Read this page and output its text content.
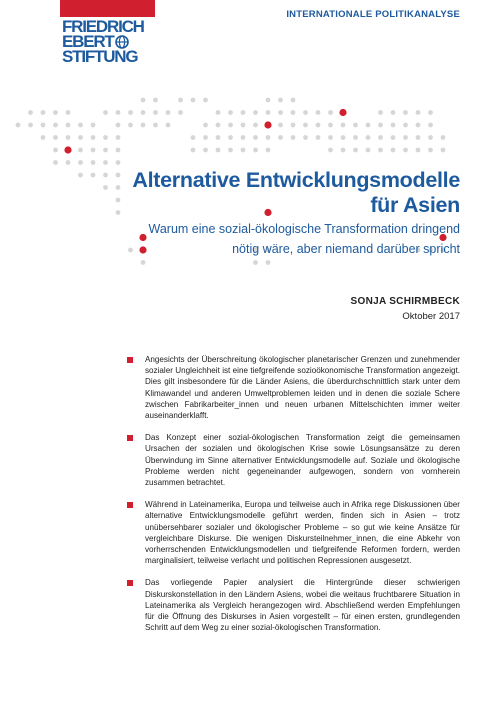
FRIEDRICH
EBERT
STIFTUNG
INTERNATIONALE POLITIKANALYSE
Alternative Entwicklungsmodelle
für Asien
Warum eine sozial-ökologische Transformation dringend
nötig wäre, aber niemand darüber spricht
SONJA SCHIRMBECK
Oktober 2017
Angesichts der Überschreitung ökologischer planetarischer Grenzen und zunehmender sozialer Ungleichheit ist eine tiefgreifende sozioökonomische Transformation angezeigt. Dies gilt insbesondere für die Länder Asiens, die überdurchschnittlich stark unter dem Klimawandel und anderen Umweltproblemen leiden und in denen die soziale Schere zwischen Fabrikarbeiter_innen und neuen urbanen Mittelschichten immer weiter auseinanderklafft.
Das Konzept einer sozial-ökologischen Transformation zeigt die gemeinsamen Ursachen der sozialen und ökologischen Krise sowie Lösungsansätze zu deren Überwindung im Sinne alternativer Entwicklungsmodelle auf. Soziale und ökologische Probleme werden nicht gegeneinander aufgewogen, sondern von vornherein zusammen betrachtet.
Während in Lateinamerika, Europa und teilweise auch in Afrika rege Diskussionen über alternative Entwicklungsmodelle geführt werden, finden sich in Asien – trotz unübersehbarer sozialer und ökologischer Probleme – so gut wie keine Ansätze für vergleichbare Diskurse. Die wenigen Diskursteilnehmer_innen, die eine Abkehr von vorherrschenden Entwicklungsmodellen und tiefgreifende Reformen fordern, werden marginalisiert, teilweise verlacht und politischen Repressionen ausgesetzt.
Das vorliegende Papier analysiert die Hintergründe dieser schwierigen Diskurskonstellation in den Ländern Asiens, wobei die weitaus fruchtbarere Situation in Lateinamerika als Vergleich herangezogen wird. Abschließend werden Empfehlungen für die Öffnung des Diskurses in Asien vorgestellt – für einen ersten, grundlegenden Schritt auf dem Weg zu einer sozial-ökologischen Transformation.
